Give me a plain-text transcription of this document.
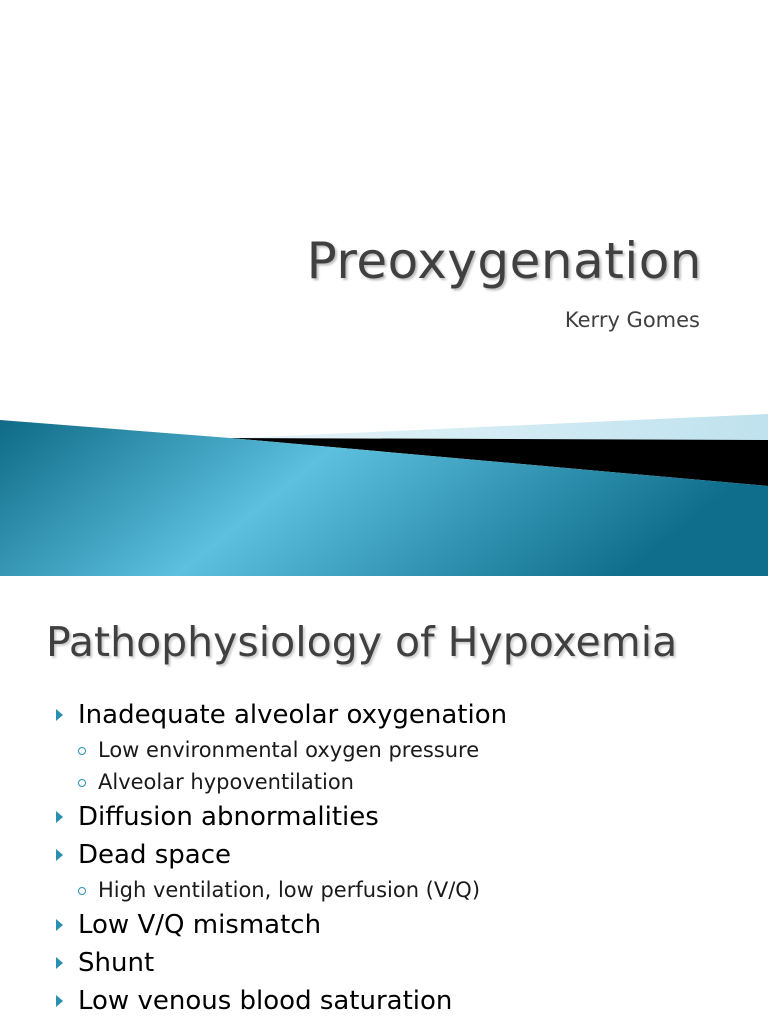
Preoxygenation
Kerry Gomes
Pathophysiology of Hypoxemia
Inadequate alveolar oxygenation
Low environmental oxygen pressure
Alveolar hypoventilation
Diffusion abnormalities
Dead space
High ventilation, low perfusion (V/Q)
Low V/Q mismatch
Shunt
Low venous blood saturation
